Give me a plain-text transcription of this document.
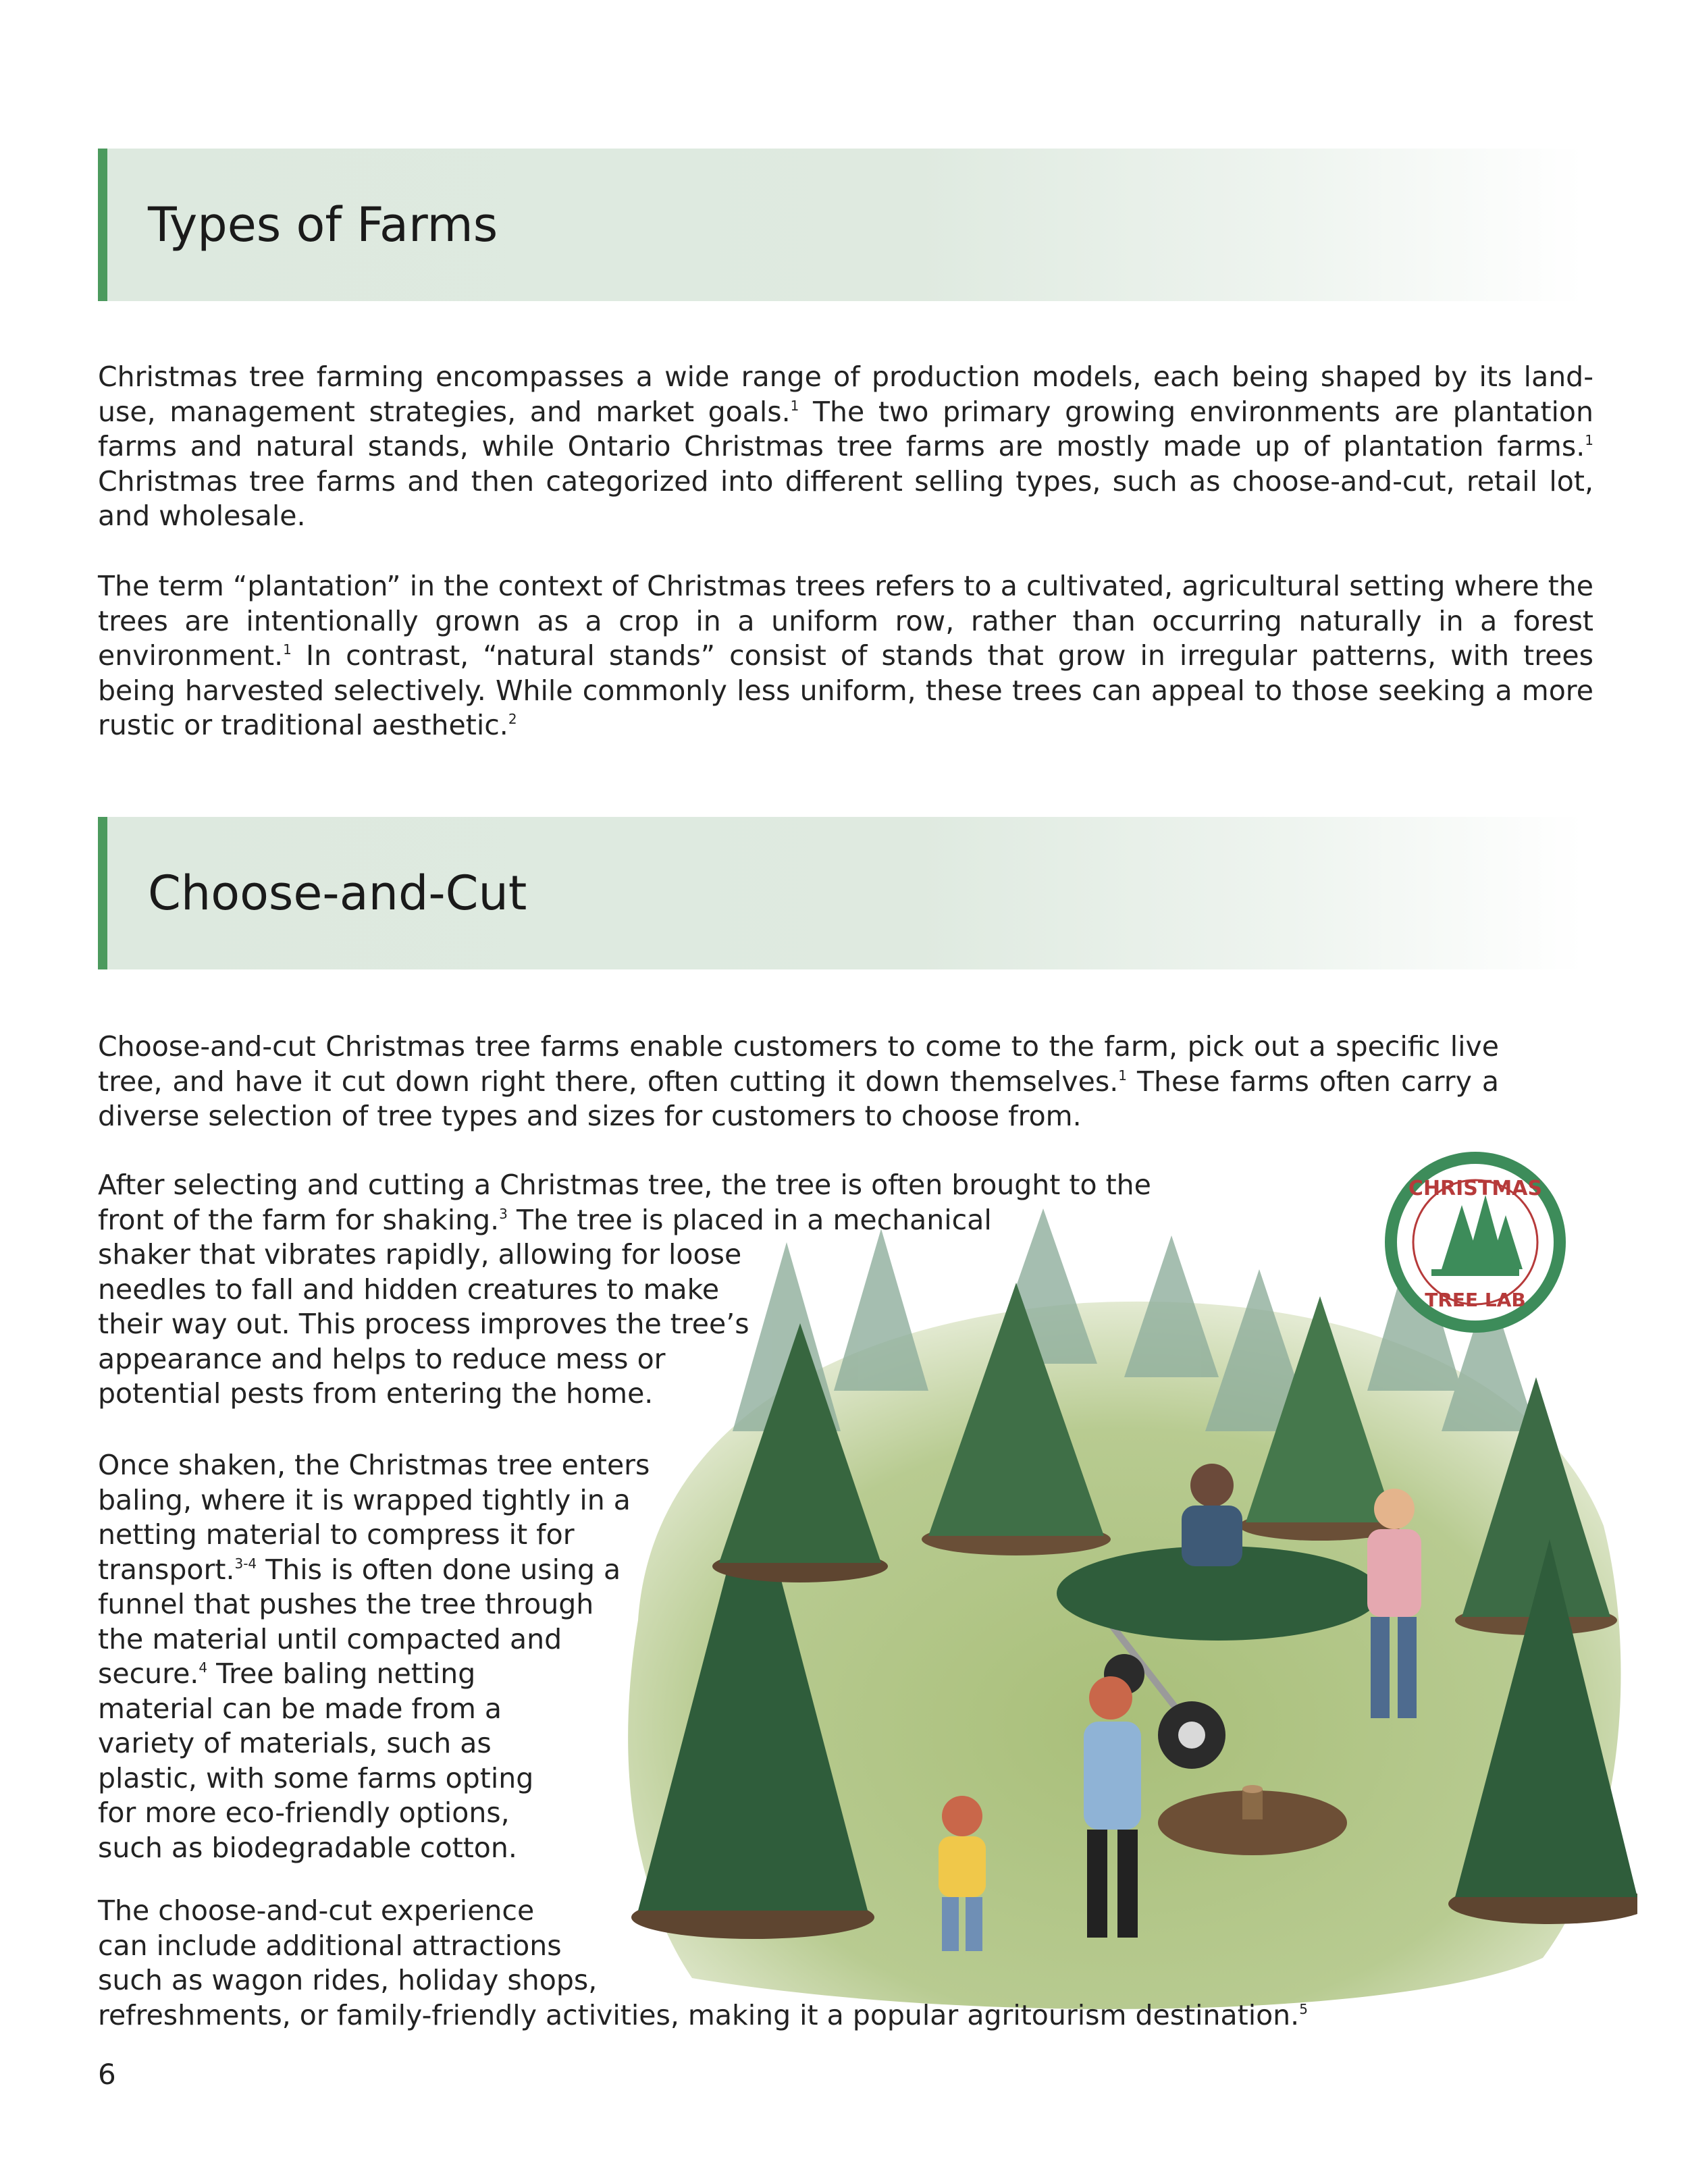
Types of Farms

Christmas tree farming encompasses a wide range of production models, each being shaped by its land-use, management strategies, and market goals.$^1$ The two primary growing environments are plantation farms and natural stands, while Ontario Christmas tree farms are mostly made up of plantation farms.$^1$ Christmas tree farms and then categorized into different selling types, such as choose-and-cut, retail lot, and wholesale.

The term “plantation” in the context of Christmas trees refers to a cultivated, agricultural setting where the trees are intentionally grown as a crop in a uniform row, rather than occurring naturally in a forest environment.$^1$ In contrast, “natural stands” consist of stands that grow in irregular patterns, with trees being harvested selectively. While commonly less uniform, these trees can appeal to those seeking a more rustic or traditional aesthetic.$^2$

Choose-and-Cut

Choose-and-cut Christmas tree farms enable customers to come to the farm, pick out a specific live tree, and have it cut down right there, often cutting it down themselves.$^1$ These farms often carry a diverse selection of tree types and sizes for customers to choose from.

CHRISTMAS
TREE LAB

After selecting and cutting a Christmas tree, the tree is often brought to the
front of the farm for shaking.$^3$ The tree is placed in a mechanical
shaker that vibrates rapidly, allowing for loose
needles to fall and hidden creatures to make
their way out. This process improves the tree’s
appearance and helps to reduce mess or
potential pests from entering the home.

Once shaken, the Christmas tree enters
baling, where it is wrapped tightly in a
netting material to compress it for
transport.$^{3-4}$ This is often done using a
funnel that pushes the tree through
the material until compacted and
secure.$^4$ Tree baling netting
material can be made from a
variety of materials, such as
plastic, with some farms opting
for more eco-friendly options,
such as biodegradable cotton.

The choose-and-cut experience
can include additional attractions
such as wagon rides, holiday shops,
refreshments, or family-friendly activities, making it a popular agritourism destination.$^5$

6
